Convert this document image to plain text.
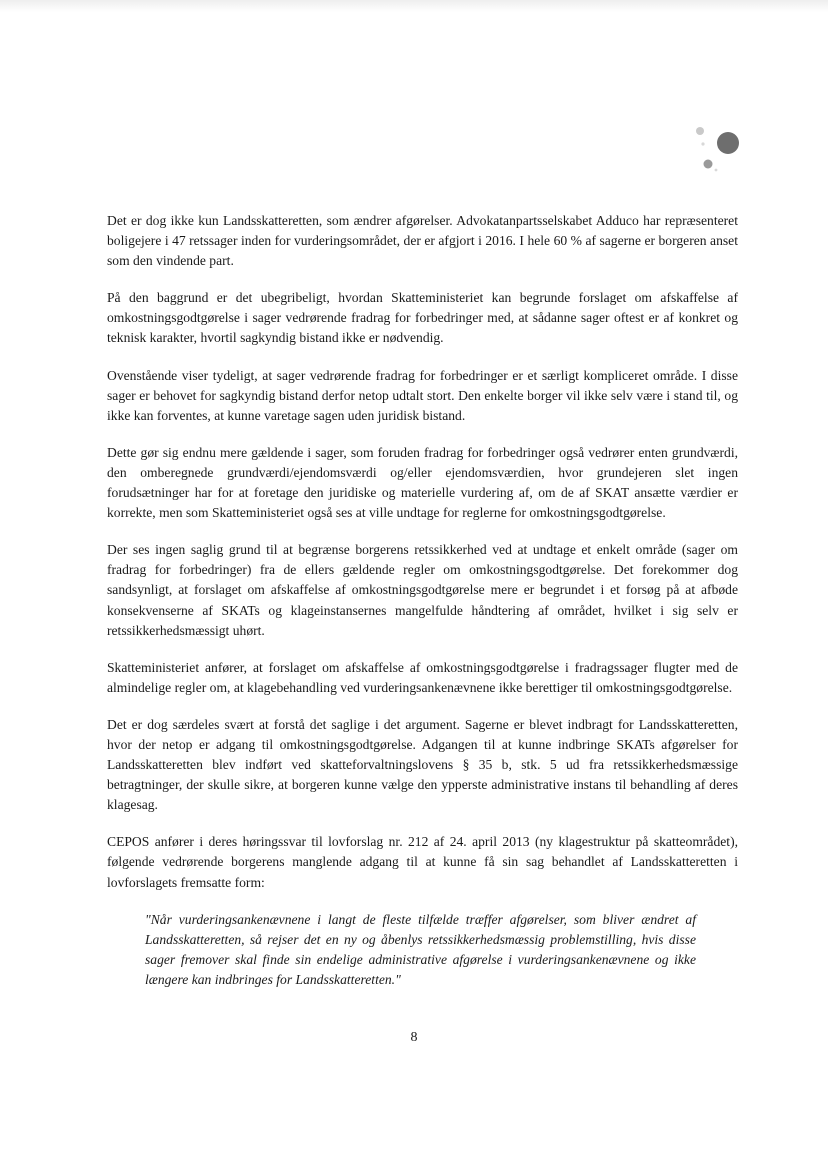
Det er dog ikke kun Landsskatteretten, som ændrer afgørelser. Advokatanpartsselskabet Adduco har repræsenteret boligejere i 47 retssager inden for vurderingsområdet, der er afgjort i 2016. I hele 60 % af sagerne er borgeren anset som den vindende part.

På den baggrund er det ubegribeligt, hvordan Skatteministeriet kan begrunde forslaget om afskaffelse af omkostningsgodtgørelse i sager vedrørende fradrag for forbedringer med, at sådanne sager oftest er af konkret og teknisk karakter, hvortil sagkyndig bistand ikke er nødvendig.

Ovenstående viser tydeligt, at sager vedrørende fradrag for forbedringer er et særligt kompliceret område. I disse sager er behovet for sagkyndig bistand derfor netop udtalt stort. Den enkelte borger vil ikke selv være i stand til, og ikke kan forventes, at kunne varetage sagen uden juridisk bistand.

Dette gør sig endnu mere gældende i sager, som foruden fradrag for forbedringer også vedrører enten grundværdi, den omberegnede grundværdi/ejendomsværdi og/eller ejendomsværdien, hvor grundejeren slet ingen forudsætninger har for at foretage den juridiske og materielle vurdering af, om de af SKAT ansætte værdier er korrekte, men som Skatteministeriet også ses at ville undtage for reglerne for omkostningsgodtgørelse.

Der ses ingen saglig grund til at begrænse borgerens retssikkerhed ved at undtage et enkelt område (sager om fradrag for forbedringer) fra de ellers gældende regler om omkostningsgodtgørelse. Det forekommer dog sandsynligt, at forslaget om afskaffelse af omkostningsgodtgørelse mere er begrundet i et forsøg på at afbøde konsekvenserne af SKATs og klageinstansernes mangelfulde håndtering af området, hvilket i sig selv er retssikkerhedsmæssigt uhørt.

Skatteministeriet anfører, at forslaget om afskaffelse af omkostningsgodtgørelse i fradragssager flugter med de almindelige regler om, at klagebehandling ved vurderingsankenævnene ikke berettiger til omkostningsgodtgørelse.

Det er dog særdeles svært at forstå det saglige i det argument. Sagerne er blevet indbragt for Landsskatteretten, hvor der netop er adgang til omkostningsgodtgørelse. Adgangen til at kunne indbringe SKATs afgørelser for Landsskatteretten blev indført ved skatteforvaltningslovens § 35 b, stk. 5 ud fra retssikkerhedsmæssige betragtninger, der skulle sikre, at borgeren kunne vælge den ypperste administrative instans til behandling af deres klagesag.

CEPOS anfører i deres høringssvar til lovforslag nr. 212 af 24. april 2013 (ny klagestruktur på skatteområdet), følgende vedrørende borgerens manglende adgang til at kunne få sin sag behandlet af Landsskatteretten i lovforslagets fremsatte form:

"Når vurderingsankenævnene i langt de fleste tilfælde træffer afgørelser, som bliver ændret af Landsskatteretten, så rejser det en ny og åbenlys retssikkerhedsmæssig problemstilling, hvis disse sager fremover skal finde sin endelige administrative afgørelse i vurderingsankenævnene og ikke længere kan indbringes for Landsskatteretten."

8
